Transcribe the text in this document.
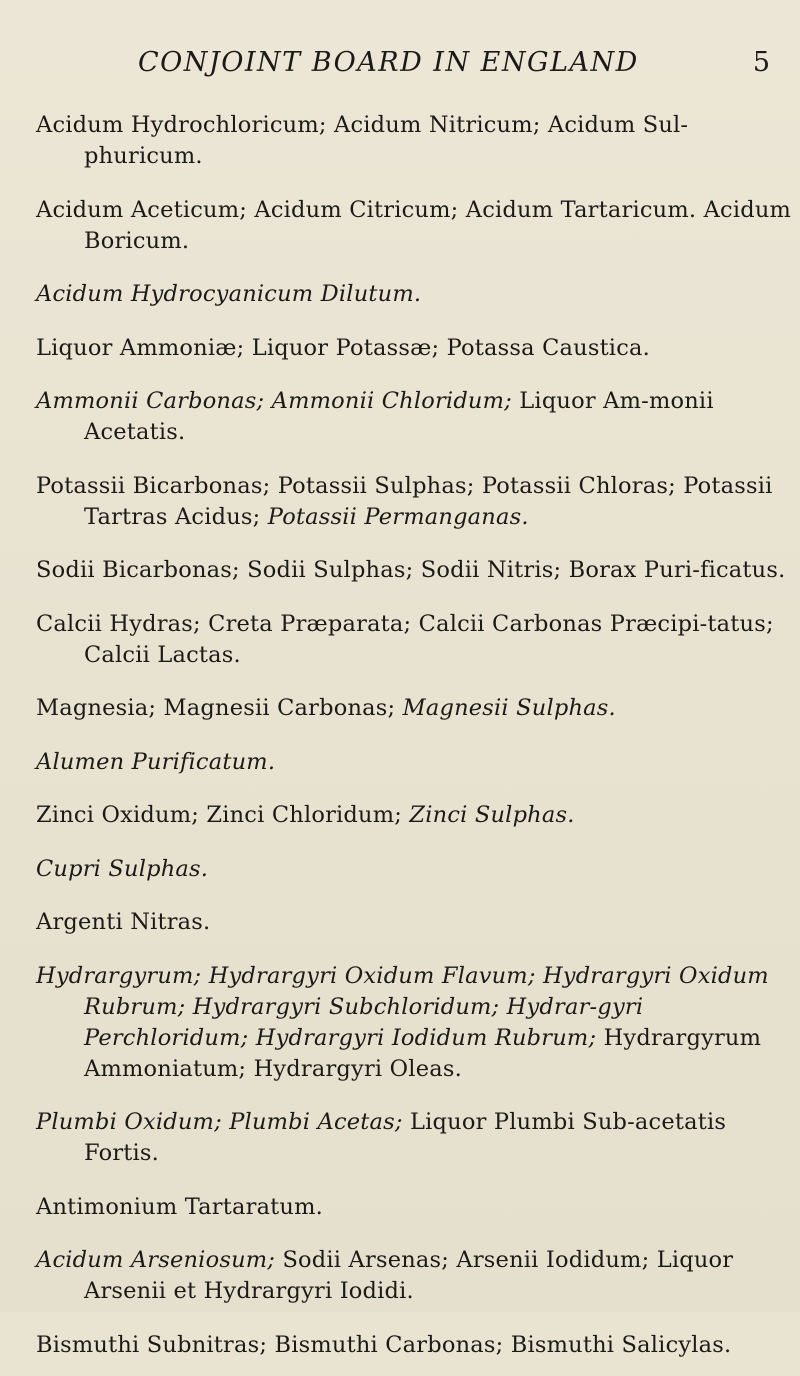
CONJOINT BOARD IN ENGLAND	5

Acidum Hydrochloricum; Acidum Nitricum; Acidum Sul-phuricum.

Acidum Aceticum; Acidum Citricum; Acidum Tartaricum. Acidum Boricum.

Acidum Hydrocyanicum Dilutum.

Liquor Ammoniæ; Liquor Potassæ; Potassa Caustica.

Ammonii Carbonas; Ammonii Chloridum; Liquor Am-monii Acetatis.

Potassii Bicarbonas; Potassii Sulphas; Potassii Chloras; Potassii Tartras Acidus; Potassii Permanganas.

Sodii Bicarbonas; Sodii Sulphas; Sodii Nitris; Borax Puri-ficatus.

Calcii Hydras; Creta Præparata; Calcii Carbonas Præcipi-tatus; Calcii Lactas.

Magnesia; Magnesii Carbonas; Magnesii Sulphas.

Alumen Purificatum.

Zinci Oxidum; Zinci Chloridum; Zinci Sulphas.

Cupri Sulphas.

Argenti Nitras.

Hydrargyrum; Hydrargyri Oxidum Flavum; Hydrargyri Oxidum Rubrum; Hydrargyri Subchloridum; Hydrar-gyri Perchloridum; Hydrargyri Iodidum Rubrum; Hydrargyrum Ammoniatum; Hydrargyri Oleas.

Plumbi Oxidum; Plumbi Acetas; Liquor Plumbi Sub-acetatis Fortis.

Antimonium Tartaratum.

Acidum Arseniosum; Sodii Arsenas; Arsenii Iodidum; Liquor Arsenii et Hydrargyri Iodidi.

Bismuthi Subnitras; Bismuthi Carbonas; Bismuthi Salicylas.
